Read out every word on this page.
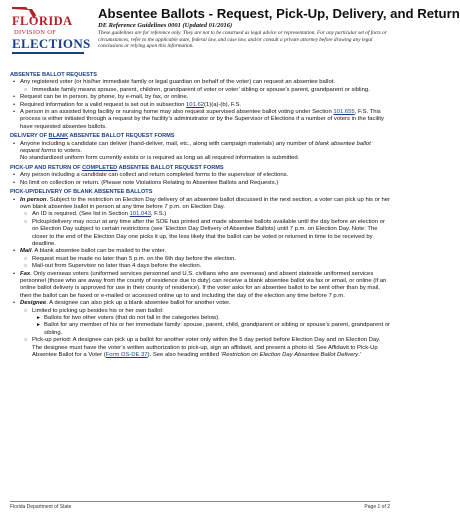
FLORIDA
DIVISION OF
ELECTIONS
Absentee Ballots - Request, Pick-Up, Delivery, and Return
DE Reference Guidelines 0001 (Updated 01/2016)
These guidelines are for reference only. They are not to be construed as legal advice or representation. For any particular set of facts or circumstances, refer to the applicable state, federal law, and case law, and/or consult a private attorney before drawing any legal conclusions or relying upon this information.
ABSENTEE BALLOT REQUESTS
• Any registered voter (or his/her immediate family or legal guardian on behalf of the voter) can request an absentee ballot.
○ Immediate family means spouse, parent, children, grandparent of voter or voter’ sibling or spouse’s parent, grandparent or sibling.
• Request can be in person, by phone, by e-mail, by fax, or online.
• Required information for a valid request is set out in subsection 101.62(1)(a)-(b), F.S.
• A person in an assisted living facility or nursing home may also request supervised absentee ballot voting under Section 101.655, F.S. This process is either initiated through a request by the facility’s administrator or by the Supervisor of Elections if a number of voters in the facility have requested absentee ballots.
DELIVERY OF BLANK ABSENTEE BALLOT REQUEST FORMS
• Anyone including a candidate can deliver (hand-deliver, mail, etc., along with campaign materials) any number of blank absentee ballot request forms to voters.
No standardized uniform form currently exists or is required as long as all required information is submitted.
PICK-UP AND RETURN OF COMPLETED ABSENTEE BALLOT REQUEST FORMS
• Any person including a candidate can collect and return completed forms to the supervisor of elections.
• No limit on collection or return. (Please note Violations Relating to Absentee Ballots and Requests.)
PICK-UP/DELIVERY OF BLANK ABSENTEE BALLOTS
• In person. Subject to the restriction on Election Day delivery of an absentee ballot discussed in the next section, a voter can pick up his or her own blank absentee ballot in person at any time before 7 p.m. on Election Day.
○ An ID is required. (See list in Section 101.043, F.S.)
○ Pickup/delivery may occur at any time after the SOE has printed and made absentee ballots available until the day before an election or on Election Day subject to certain restrictions (see ‘Election Day Delivery of Absentee Ballots) until 7 p.m. on Election Day. Note: The closer to the end of the Election Day one picks it up, the less likely that the ballot can be voted or returned in time to be received by deadline.
• Mail. A blank absentee ballot can be mailed to the voter.
○ Request must be made no later than 5 p.m. on the 6th day before the election.
○ Mail-out from Supervisor no later than 4 days before the election.
• Fax. Only overseas voters (uniformed services personnel and U.S. civilians who are overseas) and absent stateside uniformed services personnel (those who are away from the county of residence due to duty) can receive a blank absentee ballot via fax or email, or online (if an online ballot delivery is approved for use in their county of residence). If the voter asks for an absentee ballot to be sent other than by mail, then the ballot can be faxed or e-mailed or accessed online up to and including the day of the election any time before 7 p.m.
• Designee. A designee can also pick up a blank absentee ballot for another voter.
○ Limited to picking up besides his or her own ballot:
► Ballots for two other voters (that do not fall in the categories below).
► Ballot for any member of his or her immediate family: spouse, parent, child, grandparent or sibling or spouse’s parent, grandparent or sibling.
○ Pick-up period: A designee can pick up a ballot for another voter only within the 5 day period before Election Day and on Election Day. The designee must have the voter’s written authorization to pick-up, sign an affidavit, and present a photo id. See Affidavit to Pick-Up Absentee Ballot for a Voter (Form DS-DE 37). See also heading entitled ‘Restriction on Election Day Absentee Ballot Delivery.’
Florida Department of State	Page 1 of 2
